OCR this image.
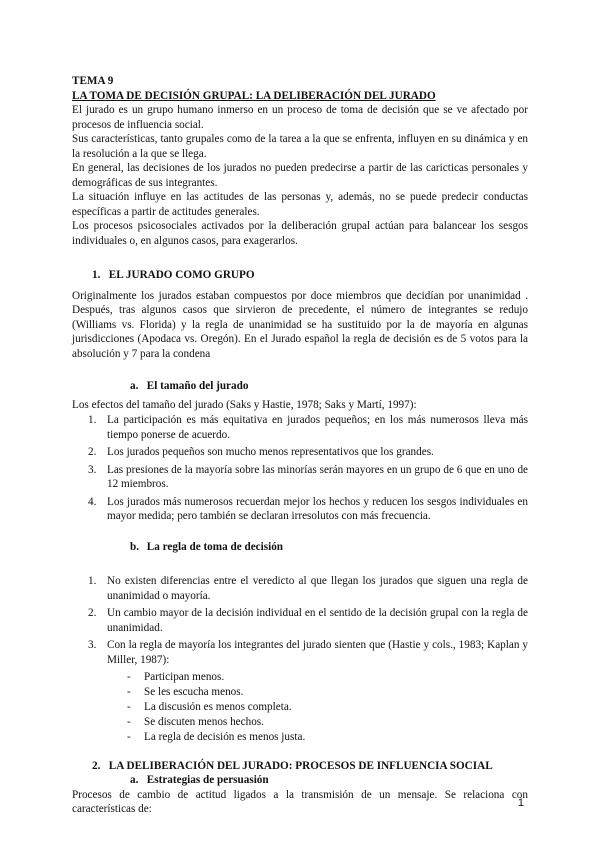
TEMA 9

LA TOMA DE DECISIÓN GRUPAL: LA DELIBERACIÓN DEL JURADO

El jurado es un grupo humano inmerso en un proceso de toma de decisión que se ve afectado por procesos de influencia social.

Sus características, tanto grupales como de la tarea a la que se enfrenta, influyen en su dinámica y en la resolución a la que se llega.

En general, las decisiones de los jurados no pueden predecirse a partir de las caricticas personales y demográficas de sus integrantes.

La situación influye en las actitudes de las personas y, además, no se puede predecir conductas específicas a partir de actitudes generales.

Los procesos psicosociales activados por la deliberación grupal actúan para balancear los sesgos individuales o, en algunos casos, para exagerarlos.

1. EL JURADO COMO GRUPO

Originalmente los jurados estaban compuestos por doce miembros que decidían por unanimidad . Después, tras algunos casos que sirvieron de precedente, el número de integrantes se redujo (Williams vs. Florida) y la regla de unanimidad se ha sustituido por la de mayoría en algunas jurisdicciones (Apodaca vs. Oregón). En el Jurado español la regla de decisión es de 5 votos para la absolución y 7 para la condena

a. El tamaño del jurado

Los efectos del tamaño del jurado (Saks y Hastie, 1978; Saks y Martí, 1997):

1. La participación es más equitativa en jurados pequeños; en los más numerosos lleva más tiempo ponerse de acuerdo.
2. Los jurados pequeños son mucho menos representativos que los grandes.
3. Las presiones de la mayoría sobre las minorías serán mayores en un grupo de 6 que en uno de 12 miembros.
4. Los jurados más numerosos recuerdan mejor los hechos y reducen los sesgos individuales en mayor medida; pero también se declaran irresolutos con más frecuencia.
b. La regla de toma de decisión
1. No existen diferencias entre el veredicto al que llegan los jurados que siguen una regla de unanimidad o mayoría.
2. Un cambio mayor de la decisión individual en el sentido de la decisión grupal con la regla de unanimidad.
3. Con la regla de mayoría los integrantes del jurado sienten que (Hastie y cols., 1983; Kaplan y Miller, 1987):
- Participan menos.
- Se les escucha menos.
- La discusión es menos completa.
- Se discuten menos hechos.
- La regla de decisión es menos justa.
2. LA DELIBERACIÓN DEL JURADO: PROCESOS DE INFLUENCIA SOCIAL
a. Estrategias de persuasión

Procesos de cambio de actitud ligados a la transmisión de un mensaje. Se relaciona con características de:	1
